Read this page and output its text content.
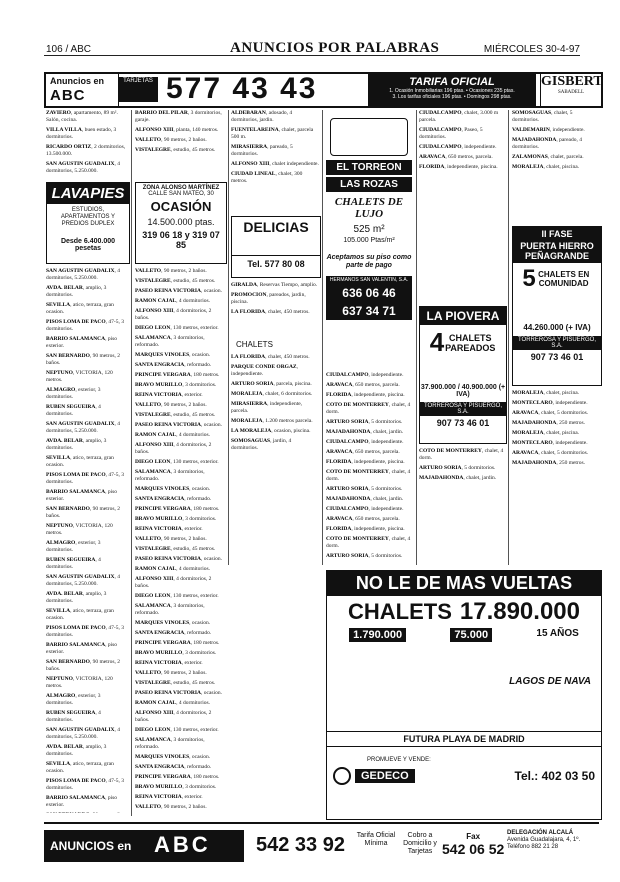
106 / ABC	ANUNCIOS POR PALABRAS	MIÉRCOLES 30-4-97
Anuncios en
ABC
TARJETAS 577 43 43	TARIFA OFICIAL
1. Ocasión Inmobiliarias 196 ptas. • Ocasiones 235 ptas.
3. Los tarifas oficiales 196 ptas. • Domingos 298 ptas.
GISBERT
SABADELL

ZAVIERO, apartamento, 89 m². Salón, cocina.

VILLA VILLA, buen estado, 3 dormitorios.

RICARDO ORTIZ, 2 dormitorios, 13.500.000.

SAN AGUSTIN GUADALIX, 4 dormitorios, 5.250.000.

LAVAPIES
ESTUDIOS, APARTAMENTOS Y PREDIOS DUPLEX
Desde 6.400.000 pesetas

SAN AGUSTIN GUADALIX, 4 dormitorios, 5.250.000.

AVDA. BELAR, amplio, 3 dormitorios.

SEVILLA, atico, terraza, gran ocasion.

PISOS LOMA DE PACO, 47-5, 3 dormitorios.

BARRIO SALAMANCA, piso exterior.

SAN BERNARDO, 90 metros, 2 baños.

NEPTUNO, VICTORIA, 120 metros.

ALMAGRO, exterior, 3 dormitorios.

RUBEN SEGUEIRA, 4 dormitorios.

SAN AGUSTIN GUADALIX, 4 dormitorios, 5.250.000.

AVDA. BELAR, amplio, 3 dormitorios.

SEVILLA, atico, terraza, gran ocasion.

PISOS LOMA DE PACO, 47-5, 3 dormitorios.

BARRIO SALAMANCA, piso exterior.

SAN BERNARDO, 90 metros, 2 baños.

NEPTUNO, VICTORIA, 120 metros.

ALMAGRO, exterior, 3 dormitorios.

RUBEN SEGUEIRA, 4 dormitorios.

SAN AGUSTIN GUADALIX, 4 dormitorios, 5.250.000.

AVDA. BELAR, amplio, 3 dormitorios.

SEVILLA, atico, terraza, gran ocasion.

PISOS LOMA DE PACO, 47-5, 3 dormitorios.

BARRIO SALAMANCA, piso exterior.

SAN BERNARDO, 90 metros, 2 baños.

NEPTUNO, VICTORIA, 120 metros.

ALMAGRO, exterior, 3 dormitorios.

RUBEN SEGUEIRA, 4 dormitorios.

SAN AGUSTIN GUADALIX, 4 dormitorios, 5.250.000.

AVDA. BELAR, amplio, 3 dormitorios.

SEVILLA, atico, terraza, gran ocasion.

PISOS LOMA DE PACO, 47-5, 3 dormitorios.

BARRIO SALAMANCA, piso exterior.

BARRIO DEL PILAR, 3 dormitorios, garaje.

ALFONSO XIII, planta, 140 metros.

VALLETO, 90 metros, 2 baños.

VISTALEGRE, estudio, 45 metros.

ZONA ALONSO MARTÍNEZ
CALLE SAN MATEO, 30
OCASIÓN
14.500.000 ptas.
319 06 18 y 319 07 85

VALLETO, 90 metros, 2 baños.

VISTALEGRE, estudio, 45 metros.

PASEO REINA VICTORIA, ocasion.

RAMON CAJAL, 4 dormitorios.

ALFONSO XIII, 4 dormitorios, 2 baños.

DIEGO LEON, 130 metros, exterior.

SALAMANCA, 3 dormitorios, reformado.

MARQUES VINOLES, ocasion.

SANTA ENGRACIA, reformado.

PRINCIPE VERGARA, 180 metros.

BRAVO MURILLO, 3 dormitorios.

REINA VICTORIA, exterior.

VALLETO, 90 metros, 2 baños.

VISTALEGRE, estudio, 45 metros.

PASEO REINA VICTORIA, ocasion.

RAMON CAJAL, 4 dormitorios.

ALFONSO XIII, 4 dormitorios, 2 baños.

DIEGO LEON, 130 metros, exterior.

SALAMANCA, 3 dormitorios, reformado.

MARQUES VINOLES, ocasion.

SANTA ENGRACIA, reformado.

PRINCIPE VERGARA, 180 metros.

BRAVO MURILLO, 3 dormitorios.

REINA VICTORIA, exterior.

VALLETO, 90 metros, 2 baños.

VISTALEGRE, estudio, 45 metros.

PASEO REINA VICTORIA, ocasion.

RAMON CAJAL, 4 dormitorios.

ALFONSO XIII, 4 dormitorios, 2 baños.

DIEGO LEON, 130 metros, exterior.

SALAMANCA, 3 dormitorios, reformado.

MARQUES VINOLES, ocasion.

SANTA ENGRACIA, reformado.

PRINCIPE VERGARA, 180 metros.

BRAVO MURILLO, 3 dormitorios.

REINA VICTORIA, exterior.

VALLETO, 90 metros, 2 baños.

VISTALEGRE, estudio, 45 metros.

PASEO REINA VICTORIA, ocasion.

RAMON CAJAL, 4 dormitorios.

ALFONSO XIII, 4 dormitorios, 2 baños.

DIEGO LEON, 130 metros, exterior.

SALAMANCA, 3 dormitorios, reformado.

MARQUES VINOLES, ocasion.

SANTA ENGRACIA, reformado.

PRINCIPE VERGARA, 180 metros.

BRAVO MURILLO, 3 dormitorios.

REINA VICTORIA, exterior.

VALLETO, 90 metros, 2 baños.

ALDEBARAN, adosado, 4 dormitorios, jardin.

FUENTELAREINA, chalet, parcela 500 m.

MIRASIERRA, pareado, 5 dormitorios.

ALFONSO XIII, chalet independiente.

CIUDAD LINEAL, chalet, 300 metros.

DELICIAS
Tel. 577 80 08

GIRALDA, Reservas Tiempo, amplio.

PROMOCION, pareados, jardin, piscina.

LA FLORIDA, chalet, 450 metros.

CHALETS

LA FLORIDA, chalet, 450 metros.

PARQUE CONDE ORGAZ, independiente.

ARTURO SORIA, parcela, piscina.

MORALEJA, chalet, 6 dormitorios.

MIRASIERRA, independiente, parcela.

MORALEJA, 1.200 metros parcela.

LA MORALEJA, ocasion, piscina.

SOMOSAGUAS, jardin, 4 dormitorios.

EL TORREON
LAS ROZAS
CHALETS DE LUJO
525 m²
105.000 Ptas/m²
Aceptamos su piso como parte de pago
HERMANOS SAN VALENTIN, S.A.
636 06 46
637 34 71

CIUDALCAMPO, independiente.

ARAVACA, 650 metros, parcela.

FLORIDA, independiente, piscina.

COTO DE MONTERREY, chalet, 4 dorm.

ARTURO SORIA, 5 dormitorios.

MAJADAHONDA, chalet, jardin.

CIUDALCAMPO, independiente.

ARAVACA, 650 metros, parcela.

FLORIDA, independiente, piscina.

COTO DE MONTERREY, chalet, 4 dorm.

ARTURO SORIA, 5 dormitorios.

MAJADAHONDA, chalet, jardin.

CIUDALCAMPO, independiente.

ARAVACA, 650 metros, parcela.

FLORIDA, independiente, piscina.

COTO DE MONTERREY, chalet, 4 dorm.

ARTURO SORIA, 5 dormitorios.

CIUDALCAMPO, chalet, 3.000 m parcela.

CIUDALCAMPO, Paseo, 5 dormitorios.

CIUDALCAMPO, independiente.

ARAVACA, 650 metros, parcela.

FLORIDA, independiente, piscina.

LA PIOVERA
4 CHALETS PAREADOS
37.900.000 / 40.900.000 (+ IVA)
TORREROSA Y PISUERGO, S.A.
907 73 46 01

COTO DE MONTERREY, chalet, 4 dorm.

ARTURO SORIA, 5 dormitorios.

MAJADAHONDA, chalet, jardin.

SOMOSAGUAS, chalet, 5 dormitorios.

VALDEMARIN, independiente.

MAJADAHONDA, pareado, 4 dormitorios.

ZALAMONAS, chalet, parcela.

MORALEJA, chalet, piscina.

II FASE
PUERTA HIERRO PEÑAGRANDE
5 CHALETS EN COMUNIDAD
44.260.000 (+ IVA)
TORREROSA Y PISUERGO, S.A.
907 73 46 01

MORALEJA, chalet, piscina.

MONTECLARO, independiente.

ARAVACA, chalet, 5 dormitorios.

MAJADAHONDA, 250 metros.

MORALEJA, chalet, piscina.

MONTECLARO, independiente.

ARAVACA, chalet, 5 dormitorios.

MAJADAHONDA, 250 metros.

NO LE DE MAS VUELTAS
CHALETS 17.890.000
1.790.000	75.000	15 AÑOS
LAGOS DE NAVA
FUTURA PLAYA DE MADRID
GEDECO	Tel.: 402 03 50
PROMUEVE Y VENDE:
ANUNCIOS en ABC 542 33 92 Tarifa Oficial Mínima
Cobro a Domicilio y Tarjetas
Fax
542 06 52
DELEGACIÓN ALCALÁ
Avenida Guadalajara, 4, 1º. Teléfono 882 21 28
